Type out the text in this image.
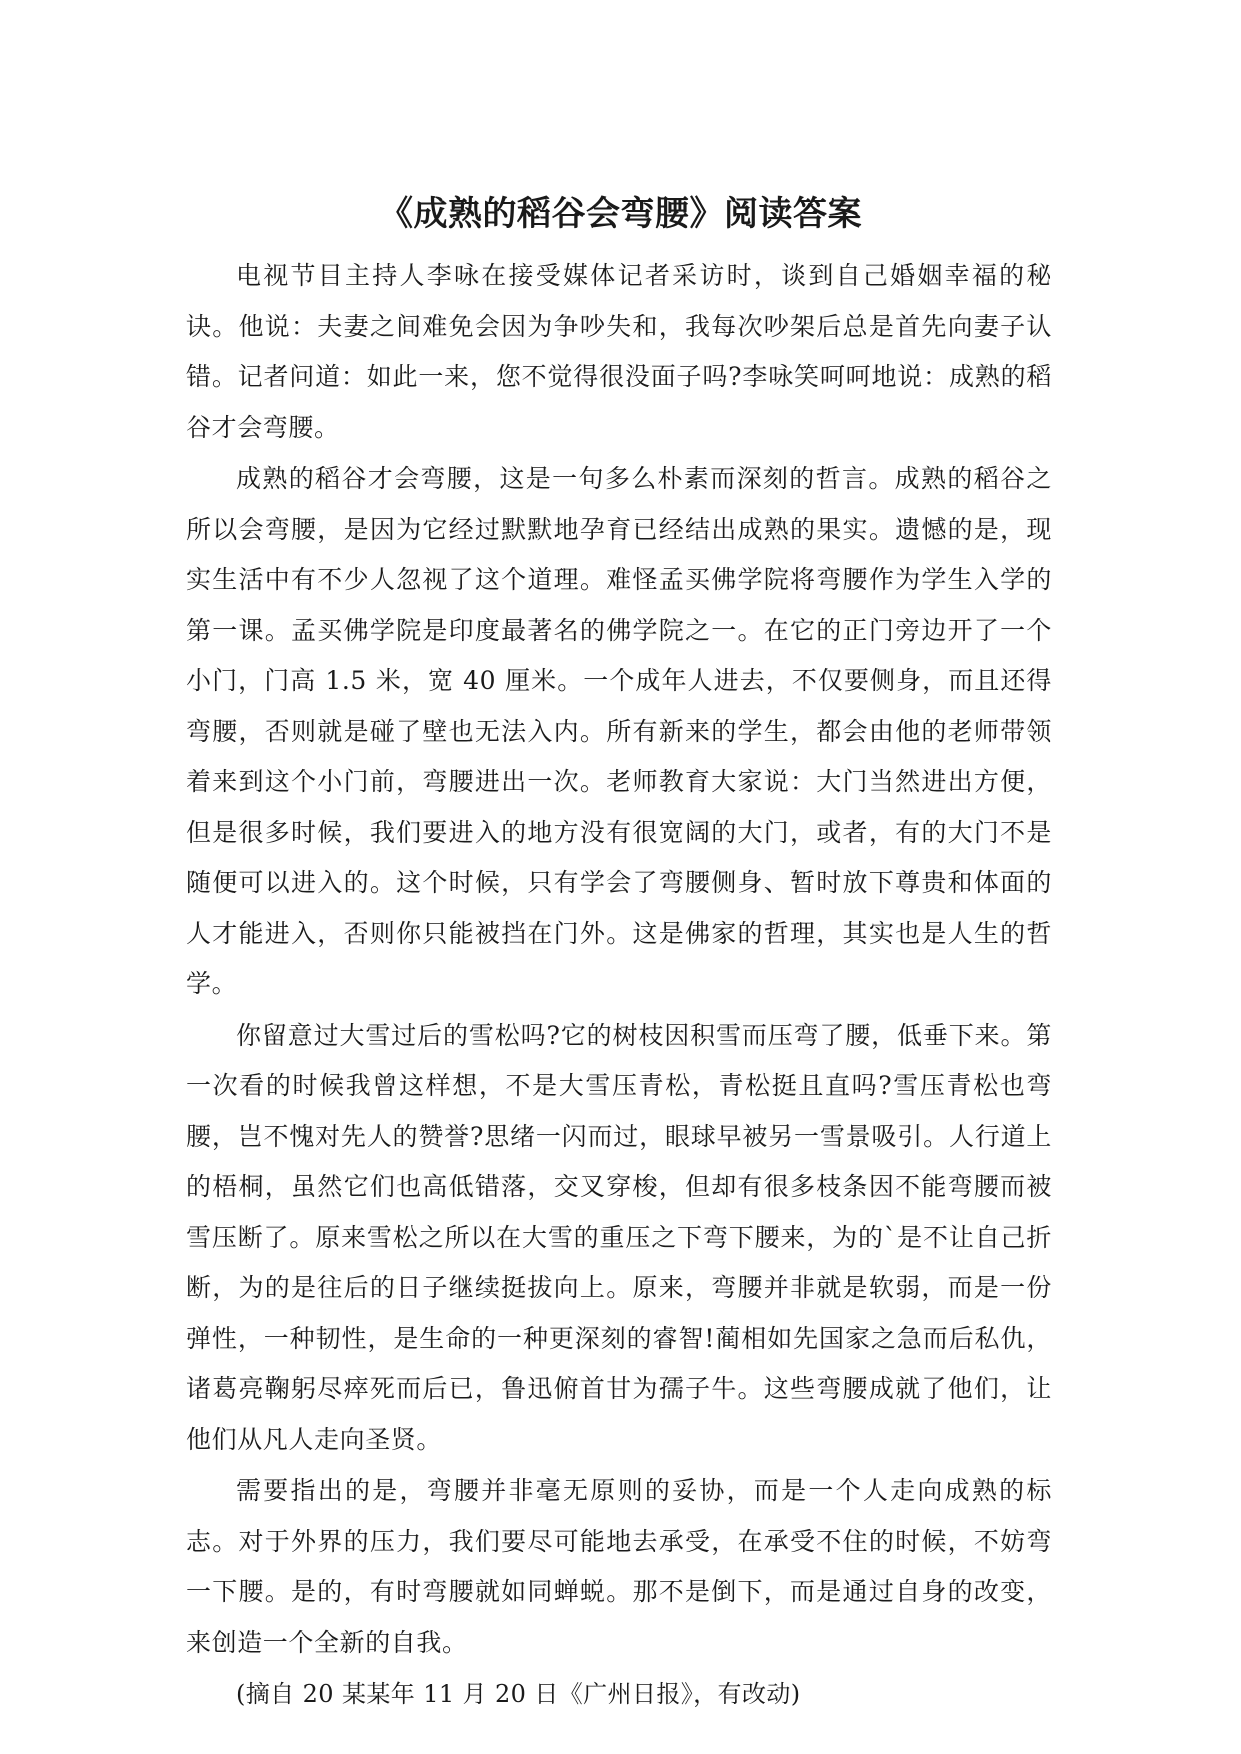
《成熟的稻谷会弯腰》阅读答案

电视节目主持人李咏在接受媒体记者采访时，谈到自己婚姻幸福的秘诀。他说：夫妻之间难免会因为争吵失和，我每次吵架后总是首先向妻子认错。记者问道：如此一来，您不觉得很没面子吗?李咏笑呵呵地说：成熟的稻谷才会弯腰。

成熟的稻谷才会弯腰，这是一句多么朴素而深刻的哲言。成熟的稻谷之所以会弯腰，是因为它经过默默地孕育已经结出成熟的果实。遗憾的是，现实生活中有不少人忽视了这个道理。难怪孟买佛学院将弯腰作为学生入学的第一课。孟买佛学院是印度最著名的佛学院之一。在它的正门旁边开了一个小门，门高 1.5 米，宽 40 厘米。一个成年人进去，不仅要侧身，而且还得弯腰，否则就是碰了壁也无法入内。所有新来的学生，都会由他的老师带领着来到这个小门前，弯腰进出一次。老师教育大家说：大门当然进出方便，但是很多时候，我们要进入的地方没有很宽阔的大门，或者，有的大门不是随便可以进入的。这个时候，只有学会了弯腰侧身、暂时放下尊贵和体面的人才能进入，否则你只能被挡在门外。这是佛家的哲理，其实也是人生的哲学。

你留意过大雪过后的雪松吗?它的树枝因积雪而压弯了腰，低垂下来。第一次看的时候我曾这样想，不是大雪压青松，青松挺且直吗?雪压青松也弯腰，岂不愧对先人的赞誉?思绪一闪而过，眼球早被另一雪景吸引。人行道上的梧桐，虽然它们也高低错落，交叉穿梭，但却有很多枝条因不能弯腰而被雪压断了。原来雪松之所以在大雪的重压之下弯下腰来，为的`是不让自己折断，为的是往后的日子继续挺拔向上。原来，弯腰并非就是软弱，而是一份弹性，一种韧性，是生命的一种更深刻的睿智!蔺相如先国家之急而后私仇，诸葛亮鞠躬尽瘁死而后已，鲁迅俯首甘为孺子牛。这些弯腰成就了他们，让他们从凡人走向圣贤。

需要指出的是，弯腰并非毫无原则的妥协，而是一个人走向成熟的标志。对于外界的压力，我们要尽可能地去承受，在承受不住的时候，不妨弯一下腰。是的，有时弯腰就如同蝉蜕。那不是倒下，而是通过自身的改变，来创造一个全新的自我。

(摘自 20 某某年 11 月 20 日《广州日报》，有改动)
